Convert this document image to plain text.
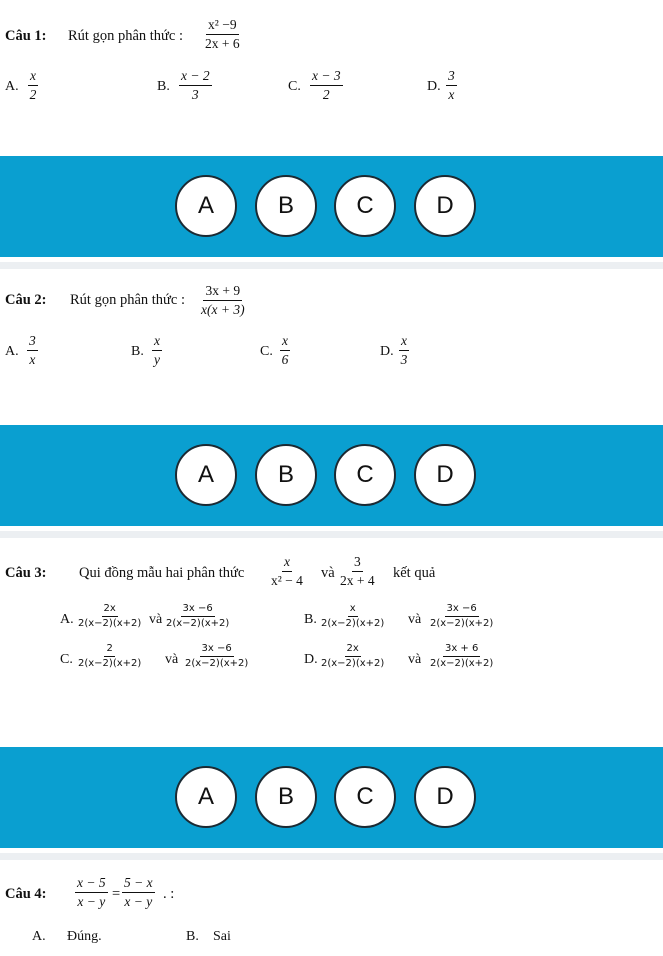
Câu 1: Rút gọn phân thức : $\frac{\text{x² −9}}{2x + 6}$
A. $\frac{x}{2}$	B. $\frac{x - 2}{3}$	C. $\frac{x - 3}{2}$	D. $\frac{3}{x}$
A	B	C	D
Câu 2: Rút gọn phân thức : $\frac{3x + 9}{x(x + 3)}$
A. $\frac{3}{x}$	B. $\frac{x}{y}$	C. $\frac{x}{6}$	D. $\frac{x}{3}$
A	B	C	D
Câu 3: Qui đồng mẫu hai phân thức $\frac{x}{\text{x² − 4}}$ và $\frac{3}{2x + 4}$ kết quả
A. $\frac{2x}{2(x-2)(x+2)}$ và $\frac{3x -6}{2(x-2)(x+2)}$	B. $\frac{x}{2(x-2)(x+2)}$ và $\frac{3x -6}{2(x-2)(x+2)}$
C. $\frac{2}{2(x-2)(x+2)}$ và $\frac{3x -6}{2(x-2)(x+2)}$	D. $\frac{2x}{2(x-2)(x+2)}$ và $\frac{3x + 6}{2(x-2)(x+2)}$
A	B	C	D
Câu 4: $\frac{x - 5}{x - y} = \frac{5 - x}{x - y}$ . :
A. Đúng.	B. Sai
